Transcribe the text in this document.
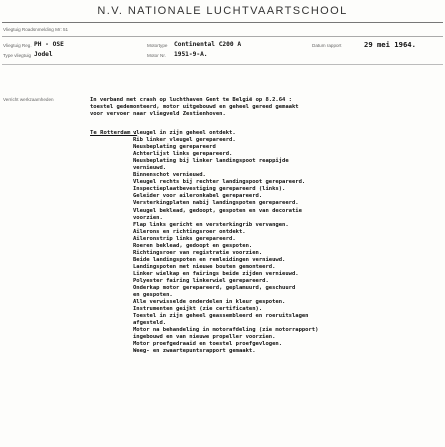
N.V. NATIONALE LUCHTVAARTSCHOOL
Vliegtuig Roadsnmelding Mr: 51
Vliegtuig Reg. PH - OSE
Type vliegtuig Jodel
Motortype Continental C200 A
Motor Nr. 1951-9-A.
Datum rapport	29 mei 1964.
Verricht werkzaamheden	In verband met crash op luchthaven Gent te België op 8.2.64 :
toestel gedemonteerd, motor uitgebouwd en geheel gereed gemaakt
voor vervoer naar vliegveld Zestienhoven.
Te Rotterdam :
vleugel in zijn geheel ontdekt.
Rib linker vleugel gerepareerd.
Neusbeplating gerepareerd
Achterlijst links gerepareerd.
Neusbeplating bij linker landingspoot reappijde
vernieuwd.
Binnenschot vernieuwd.
Vleugel rechts bij rechter landingspoot gerepareerd.
Inspectieplaatbevestiging gerepareerd (links).
Geleider voor aileronkabel gerepareerd.
Versterkingplaten nabij landingspoten gerepareerd.
Vleugel beklead, gedoopt, gespoten en van decoratie
voorzien.
Flap links gericht en versterkingrib vervangen.
Ailerons en richtingsroer ontdekt.
Aileronstrip links gerepareerd.
Roeren beklead, gedoopt en gespoten.
Richtingsroer van registratie voorzien.
Beide landingspoten en remleidingen vernieuwd.
Landingspoten met nieuwe bouten gemonteerd.
Linker wielkap en fairings beide zijden vernieuwd.
Polyester fairing linkerwiel gerepareerd.
Onderkap motor gerepareerd, geplamuurd, geschuurd
en gespoten.
Alle verwisselde onderdelen in kleur gespoten.
Instrumenten geijkt (zie certificaten).
Toestel in zijn geheel geassembleerd en roeruitslagen
afgesteld.
Motor na behandeling in motorafdeling (zie motorrapport)
ingebouwd en van nieuwe propeller voorzien.
Motor proefgedraaid en toestel proefgevlogen.
Weeg- en zwaartepuntsrapport gemaakt.
